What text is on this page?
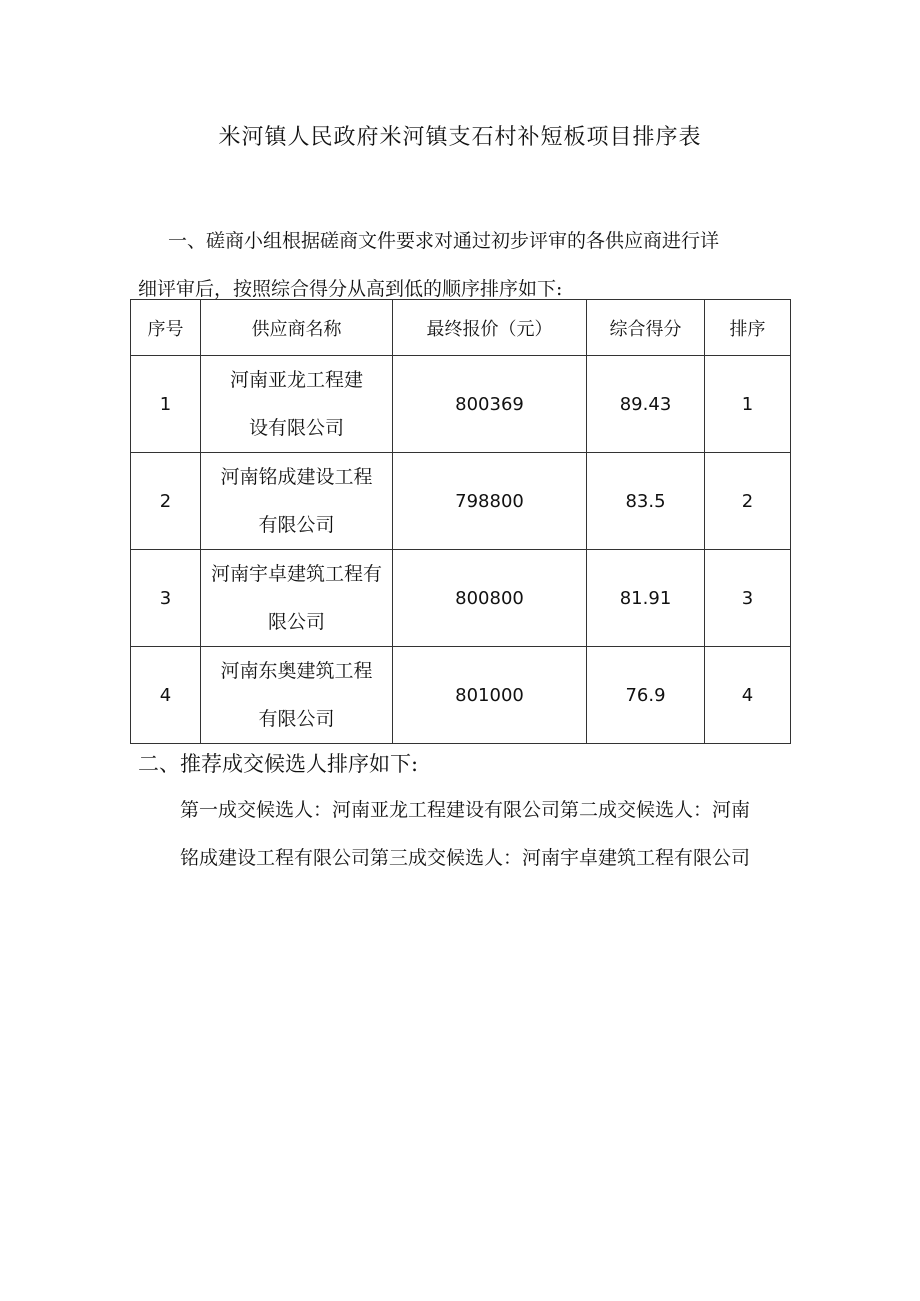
米河镇人民政府米河镇支石村补短板项目排序表
一、磋商小组根据磋商文件要求对通过初步评审的各供应商进行详
细评审后，按照综合得分从高到低的顺序排序如下:
序号	供应商名称	最终报价（元）	综合得分	排序
1	河南亚龙工程建
设有限公司	800369	89.43	1
2	河南铭成建设工程
有限公司	798800	83.5	2
3	河南宇卓建筑工程有
限公司	800800	81.91	3
4	河南东奥建筑工程
有限公司	801000	76.9	4
二、推荐成交候选人排序如下:
第一成交候选人：河南亚龙工程建设有限公司第二成交候选人：河南
铭成建设工程有限公司第三成交候选人：河南宇卓建筑工程有限公司
